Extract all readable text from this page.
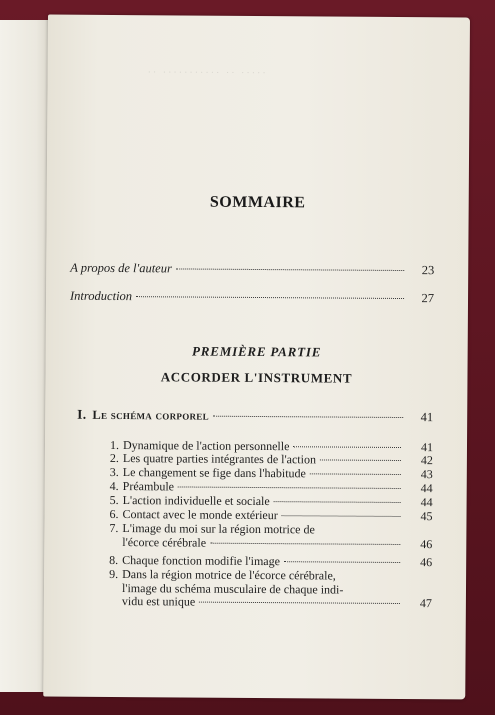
·· ··········· ·· ·····
SOMMAIRE
A propos de l'auteur	23
Introduction	27
PREMIÈRE PARTIE
ACCORDER L'INSTRUMENT
I. Le schéma corporel	41
1. Dynamique de l'action personnelle	41
2. Les quatre parties intégrantes de l'action	42
3. Le changement se fige dans l'habitude	43
4. Préambule	44
5. L'action individuelle et sociale	44
6. Contact avec le monde extérieur	45
7. L'image du moi sur la région motrice de
l'écorce cérébrale	46
8. Chaque fonction modifie l'image	46
9. Dans la région motrice de l'écorce cérébrale,
l'image du schéma musculaire de chaque indi-
vidu est unique	47
